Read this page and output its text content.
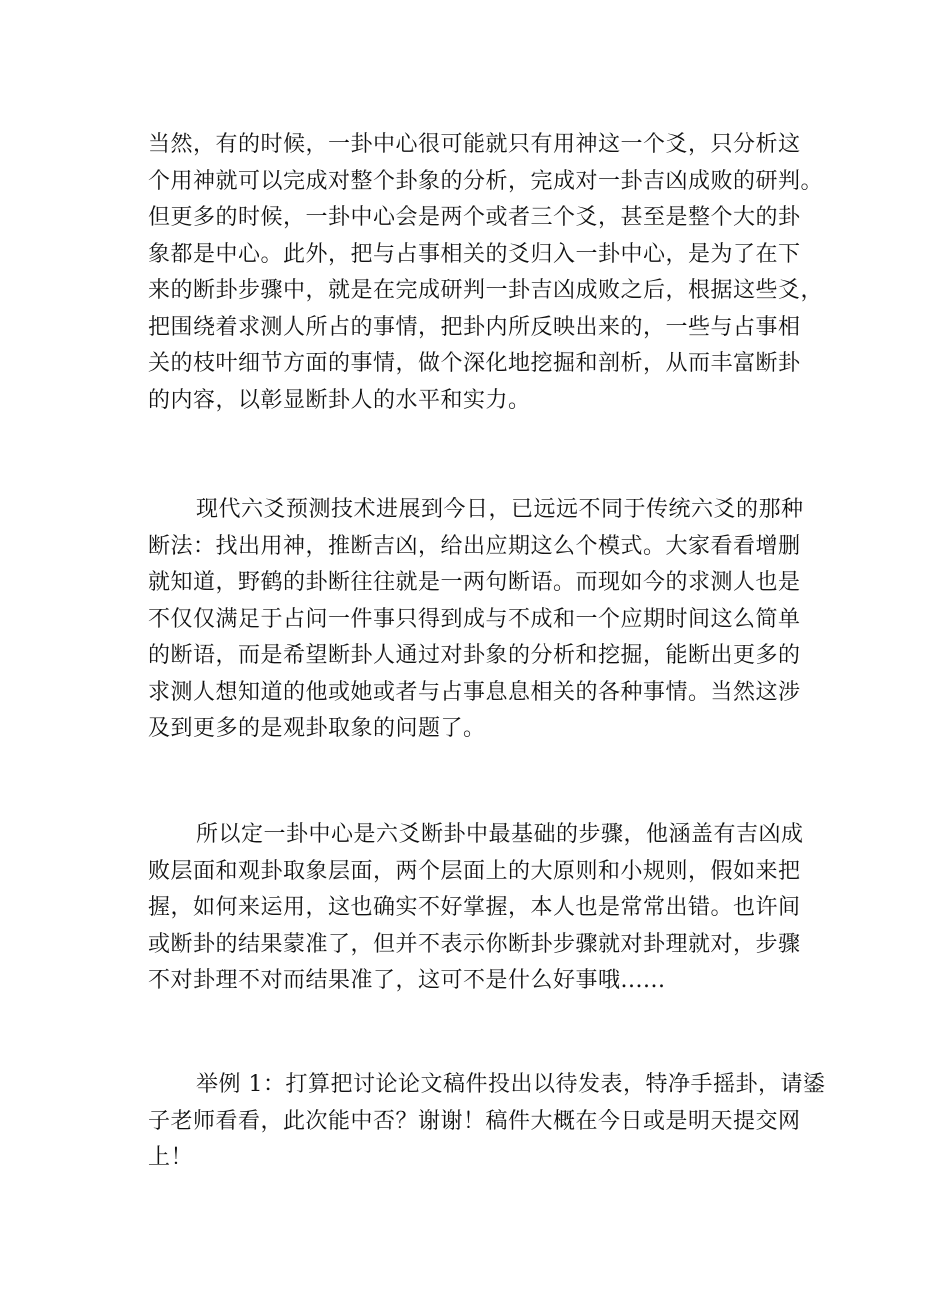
当然，有的时候，一卦中心很可能就只有用神这一个爻，只分析这
个用神就可以完成对整个卦象的分析，完成对一卦吉凶成败的研判。
但更多的时候，一卦中心会是两个或者三个爻，甚至是整个大的卦
象都是中心。此外，把与占事相关的爻归入一卦中心，是为了在下
来的断卦步骤中，就是在完成研判一卦吉凶成败之后，根据这些爻，
把围绕着求测人所占的事情，把卦内所反映出来的，一些与占事相
关的枝叶细节方面的事情，做个深化地挖掘和剖析，从而丰富断卦
的内容，以彰显断卦人的水平和实力。

现代六爻预测技术进展到今日，已远远不同于传统六爻的那种
断法：找出用神，推断吉凶，给出应期这么个模式。大家看看增删
就知道，野鹤的卦断往往就是一两句断语。而现如今的求测人也是
不仅仅满足于占问一件事只得到成与不成和一个应期时间这么简单
的断语，而是希望断卦人通过对卦象的分析和挖掘，能断出更多的
求测人想知道的他或她或者与占事息息相关的各种事情。当然这涉
及到更多的是观卦取象的问题了。

所以定一卦中心是六爻断卦中最基础的步骤，他涵盖有吉凶成
败层面和观卦取象层面，两个层面上的大原则和小规则，假如来把
握，如何来运用，这也确实不好掌握，本人也是常常出错。也许间
或断卦的结果蒙准了，但并不表示你断卦步骤就对卦理就对，步骤
不对卦理不对而结果准了，这可不是什么好事哦......

举例 1：打算把讨论论文稿件投出以待发表，特净手摇卦，请鋈
子老师看看，此次能中否？谢谢！稿件大概在今日或是明天提交网
上！
